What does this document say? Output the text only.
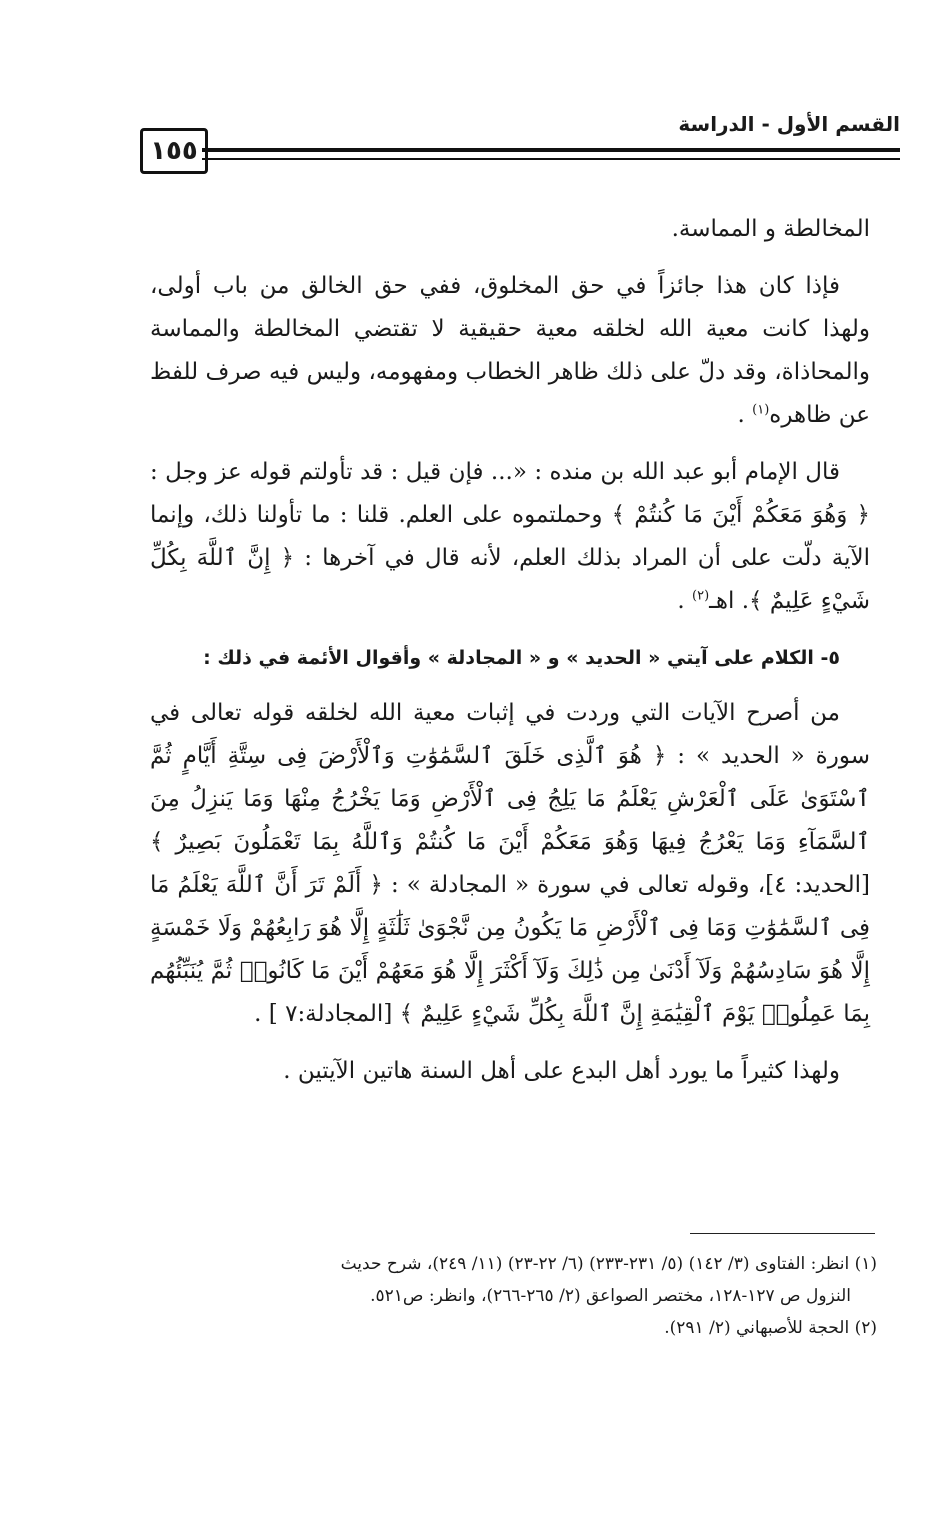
١٥٥
القسم الأول - الدراسة

المخالطة و المماسة.

فإذا كان هذا جائزاً في حق المخلوق، ففي حق الخالق من باب أولى، ولهذا كانت معية الله لخلقه معية حقيقية لا تقتضي المخالطة والمماسة والمحاذاة، وقد دلّ على ذلك ظاهر الخطاب ومفهومه، وليس فيه صرف للفظ عن ظاهره$^{(١)}$ .

قال الإمام أبو عبد الله بن منده : «... فإن قيل : قد تأولتم قوله عز وجل : ﴿ وَهُوَ مَعَكُمْ أَيْنَ مَا كُنتُمْ ﴾ وحملتموه على العلم. قلنا : ما تأولنا ذلك، وإنما الآية دلّت على أن المراد بذلك العلم، لأنه قال في آخرها : ﴿ إِنَّ ٱللَّهَ بِكُلِّ شَيْءٍ عَلِيمٌ ﴾. اهـ$^{(٢)}$ .

٥- الكلام على آيتي « الحديد » و « المجادلة » وأقوال الأئمة في ذلك :

من أصرح الآيات التي وردت في إثبات معية الله لخلقه قوله تعالى في سورة « الحديد » : ﴿ هُوَ ٱلَّذِى خَلَقَ ٱلسَّمَٰوَٰتِ وَٱلْأَرْضَ فِى سِتَّةِ أَيَّامٍ ثُمَّ ٱسْتَوَىٰ عَلَى ٱلْعَرْشِ يَعْلَمُ مَا يَلِجُ فِى ٱلْأَرْضِ وَمَا يَخْرُجُ مِنْهَا وَمَا يَنزِلُ مِنَ ٱلسَّمَآءِ وَمَا يَعْرُجُ فِيهَا وَهُوَ مَعَكُمْ أَيْنَ مَا كُنتُمْ وَٱللَّهُ بِمَا تَعْمَلُونَ بَصِيرٌ ﴾ [الحديد: ٤]، وقوله تعالى في سورة « المجادلة » : ﴿ أَلَمْ تَرَ أَنَّ ٱللَّهَ يَعْلَمُ مَا فِى ٱلسَّمَٰوَٰتِ وَمَا فِى ٱلْأَرْضِ مَا يَكُونُ مِن نَّجْوَىٰ ثَلَٰثَةٍ إِلَّا هُوَ رَابِعُهُمْ وَلَا خَمْسَةٍ إِلَّا هُوَ سَادِسُهُمْ وَلَآ أَدْنَىٰ مِن ذَٰلِكَ وَلَآ أَكْثَرَ إِلَّا هُوَ مَعَهُمْ أَيْنَ مَا كَانُوا۟ ثُمَّ يُنَبِّئُهُم بِمَا عَمِلُوا۟ يَوْمَ ٱلْقِيَٰمَةِ إِنَّ ٱللَّهَ بِكُلِّ شَيْءٍ عَلِيمٌ ﴾ [المجادلة:٧ ] .

ولهذا كثيراً ما يورد أهل البدع على أهل السنة هاتين الآيتين .

(١) انظر: الفتاوى (٣/ ١٤٢) (٥/ ٢٣١-٢٣٣) (٦/ ٢٢-٢٣) (١١/ ٢٤٩)، شرح حديث

النزول ص ١٢٧-١٢٨، مختصر الصواعق (٢/ ٢٦٥-٢٦٦)، وانظر: ص٥٢١.

(٢) الحجة للأصبهاني (٢/ ٢٩١).
